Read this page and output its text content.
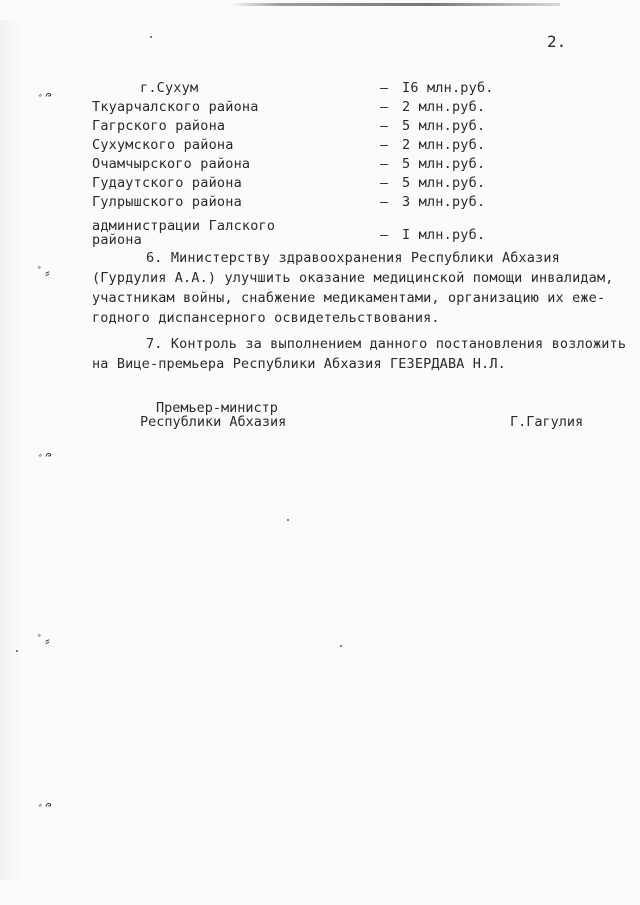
2.
г.Сухум	– I6 млн.руб.
Ткуарчалского района	– 2 млн.руб.
Гагрского района	– 5 млн.руб.
Сухумского района	– 2 млн.руб.
Очамчырского района	– 5 млн.руб.
Гудаутского района	– 5 млн.руб.
Гулрышского района	– 3 млн.руб.
администрации Галского
района	– I млн.руб.
6. Министерству здравоохранения Республики Абхазия
(Гурдулия А.А.) улучшить оказание медицинской помощи инвалидам,
участникам войны, снабжение медикаментами, организацию их еже-
годного диспансерного освидетельствования.
7. Контроль за выполнением данного постановления возложить
на Вице-премьера Республики Абхазия ГЕЗЕРДАВА Н.Л.
Премьер-министр
Республики Абхазия	Г.Гагулия
ﾞ՞
ﾞ⸗
ﾞ՞
ﾞ⸗
ﾞ՞
